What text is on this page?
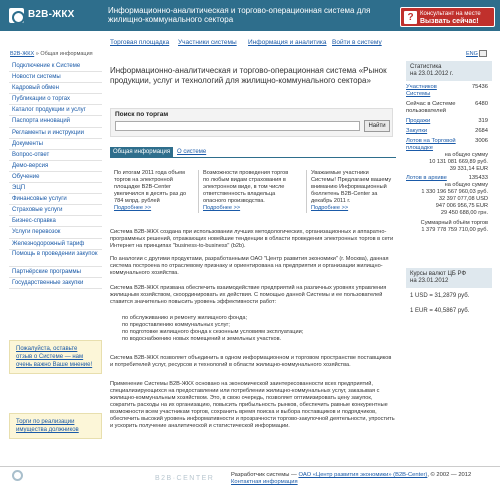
B2B-ЖКХ	Информационно-аналитическая и торгово-операционная система для жилищно-коммунального сектора	?	Консультант на месте
Вызвать сейчас!
Торговая площадка Участники системы Информация и аналитика Войти в систему
B2B-ЖКХ » Общая информация	ENG
Подключение к Системе
Новости системы
Кадровый обмен
Публикации о торгах
Каталог продукции и услуг
Паспорта инноваций
Регламенты и инструкции
Документы
Вопрос-ответ
Демо-версия
Обучение
ЭЦП
Финансовые услуги
Страховые услуги
Бизнес-справка
Услуги перевозок
Железнодорожный тариф
Помощь в проведении закупок
Партнёрские программы
Государственные закупки
Пожалуйста, оставьте отзыв о Системе — нам очень важно Ваше мнение!
Торги по реализации имущества должников
Информационно-аналитическая и торгово-операционная система «Рынок продукции, услуг и технологий для жилищно-коммунального сектора»
Поиск по торгам
Найти
Общая информация	О системе
По итогам 2011 года объем торгов на электронной площадке B2B-Center увеличился в десять раз до 784 млрд. рублей
Подробнее >>
Возможности проведения торгов по любым видам страхования в электронном виде, в том числе ответственность владельца опасного производства.
Подробнее >>
Уважаемые участники Системы! Предлагаем вашему вниманию Информационный бюллетень B2B-Center за декабрь 2011 г.
Подробнее >>
Система B2B-ЖКХ создана при использовании лучших методологических, организационных и аппаратно-программных решений, отражающих новейшие тенденции в области проведения электронных торгов в сети Интернет на принципах "business-to-business" (b2b).
По аналогии с другими продуктами, разработанными ОАО "Центр развития экономики" (г. Москва), данная система построена по отраслевому признаку и ориентирована на предприятия и организации жилищно-коммунального хозяйства.
Система B2B-ЖКХ призвана обеспечить взаимодействие предприятий на различных уровнях управления жилищным хозяйством, скоординировать их действия. С помощью данной Системы и ее пользователей ставится значительно повысить уровень эффективности работ:
по обслуживанию и ремонту жилищного фонда;
по предоставлению коммунальных услуг;
по подготовке жилищного фонда к сезонным условиям эксплуатации;
по водоснабжению новых помещений и земельных участков.
Система B2B-ЖКХ позволяет объединить в одном информационном и торговом пространстве поставщиков и потребителей услуг, ресурсов и технологий в области жилищно-коммунального хозяйства.
Применение Системы B2B-ЖКХ основано на экономической заинтересованности всех предприятий, специализирующихся на предоставлении или потреблении жилищно-коммунальных услуг, заказывая с жилищно-коммунальным хозяйством. Это, в свою очередь, позволяет оптимизировать цену закупок, сократить расходы на их организацию, повысить прибыльность рынков, обеспечить равные конкурентные возможности всем участникам торгов, сохранить время поиска и выбора поставщиков и подрядчиков, обеспечить высокий уровень информативности и прозрачности торгово-закупочной деятельности, упростить и ускорить получение аналитической и статистической информации.
Статистика
на 23.01.2012 г.
Участников Системы
75436
Сейчас в Системе пользователей
6480
Продажи	319
Закупки	2684
Лотов на Торговой площадке
3006
на общую сумму
10 131 081 669,89 руб.
39 331,14 EUR
Лотов в архиве	135433
на общую сумму
1 330 196 567 960,03 руб.
32 397 077,08 USD
947 006 956,75 EUR
29 450 688,00 грн.
Суммарный объём торгов
1 379 778 759 710,00 руб.
Курсы валют ЦБ РФ
на 23.01.2012
1 USD = 31,2879 руб.
1 EUR = 40,5867 руб.
B2B·CENTER	Разработчик системы — ОАО «Центр развития экономики» (B2B-Center), © 2002 — 2012
Контактная информация
